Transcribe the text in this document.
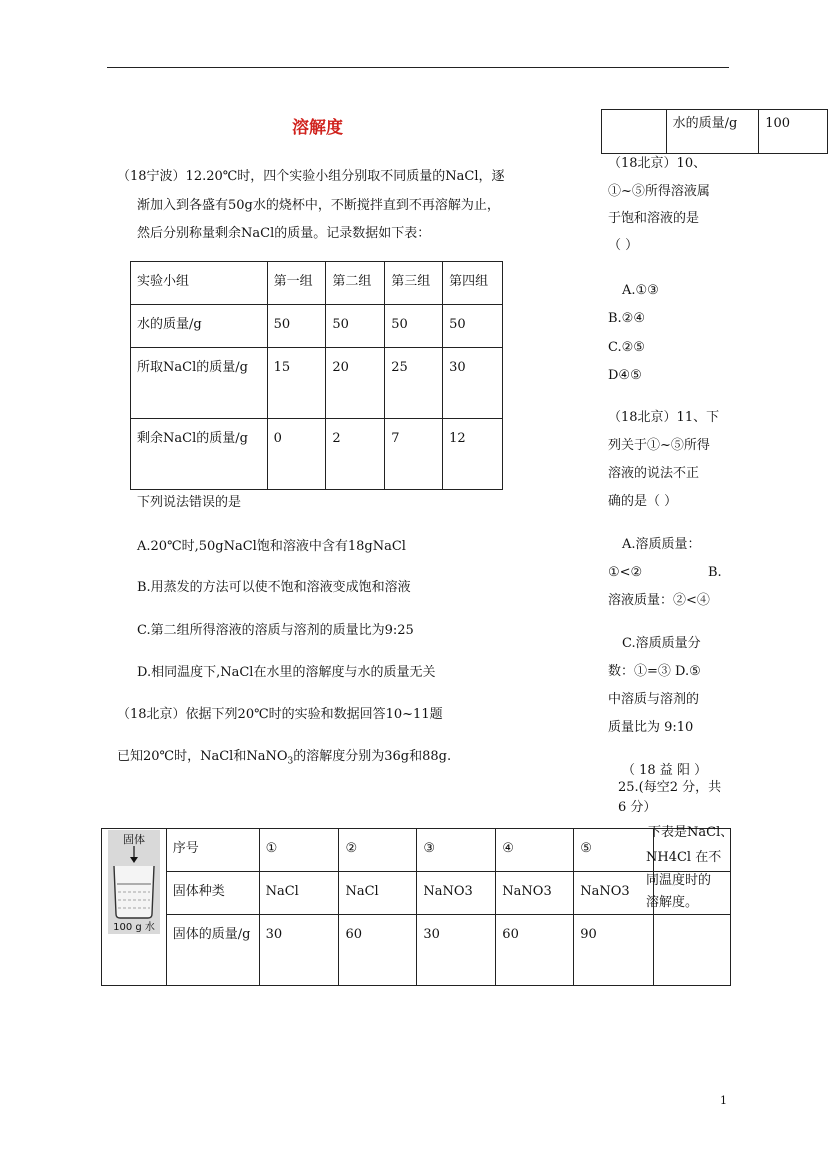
溶解度
（18宁波）12.20℃时，四个实验小组分别取不同质量的NaCl，逐
渐加入到各盛有50g水的烧杯中，不断搅拌直到不再溶解为止，
然后分别称量剩余NaCl的质量。记录数据如下表：
实验小组	第一组	第二组	第三组	第四组
水的质量/g	50	50	50	50
所取NaCl的质量/g	15	20	25	30
剩余NaCl的质量/g	0	2	7	12
下列说法错误的是
A.20℃时,50gNaCl饱和溶液中含有18gNaCl
B.用蒸发的方法可以使不饱和溶液变成饱和溶液
C.第二组所得溶液的溶质与溶剂的质量比为9:25
D.相同温度下,NaCl在水里的溶解度与水的质量无关
（18北京）依据下列20℃时的实验和数据回答10~11题
已知20℃时，NaCl和NaNO$_3$的溶解度分别为36g和88g.
	序号	①	②	③	④	⑤	
	固体种类	NaCl	NaCl	NaNO3	NaNO3	NaNO3	
	固体的质量/g	30	60	30	60	90	
固体
100 g 水
	水的质量/g	100
（18北京）10、
①~⑤所得溶液属
于饱和溶液的是
（ ）
A.①③
B.②④
C.②⑤
D④⑤
（18北京）11、下
列关于①~⑤所得
溶液的说法不正
确的是（ ）
A.溶质质量：
①<②	B.
溶液质量：②<④
C.溶质质量分
数：①=③ D.⑤
中溶质与溶剂的
质量比为 9:10
（ 18 益 阳 ）
25.(每空2 分，共
6 分）
下表是NaCl、
NH4Cl 在不
同温度时的
溶解度。
1
